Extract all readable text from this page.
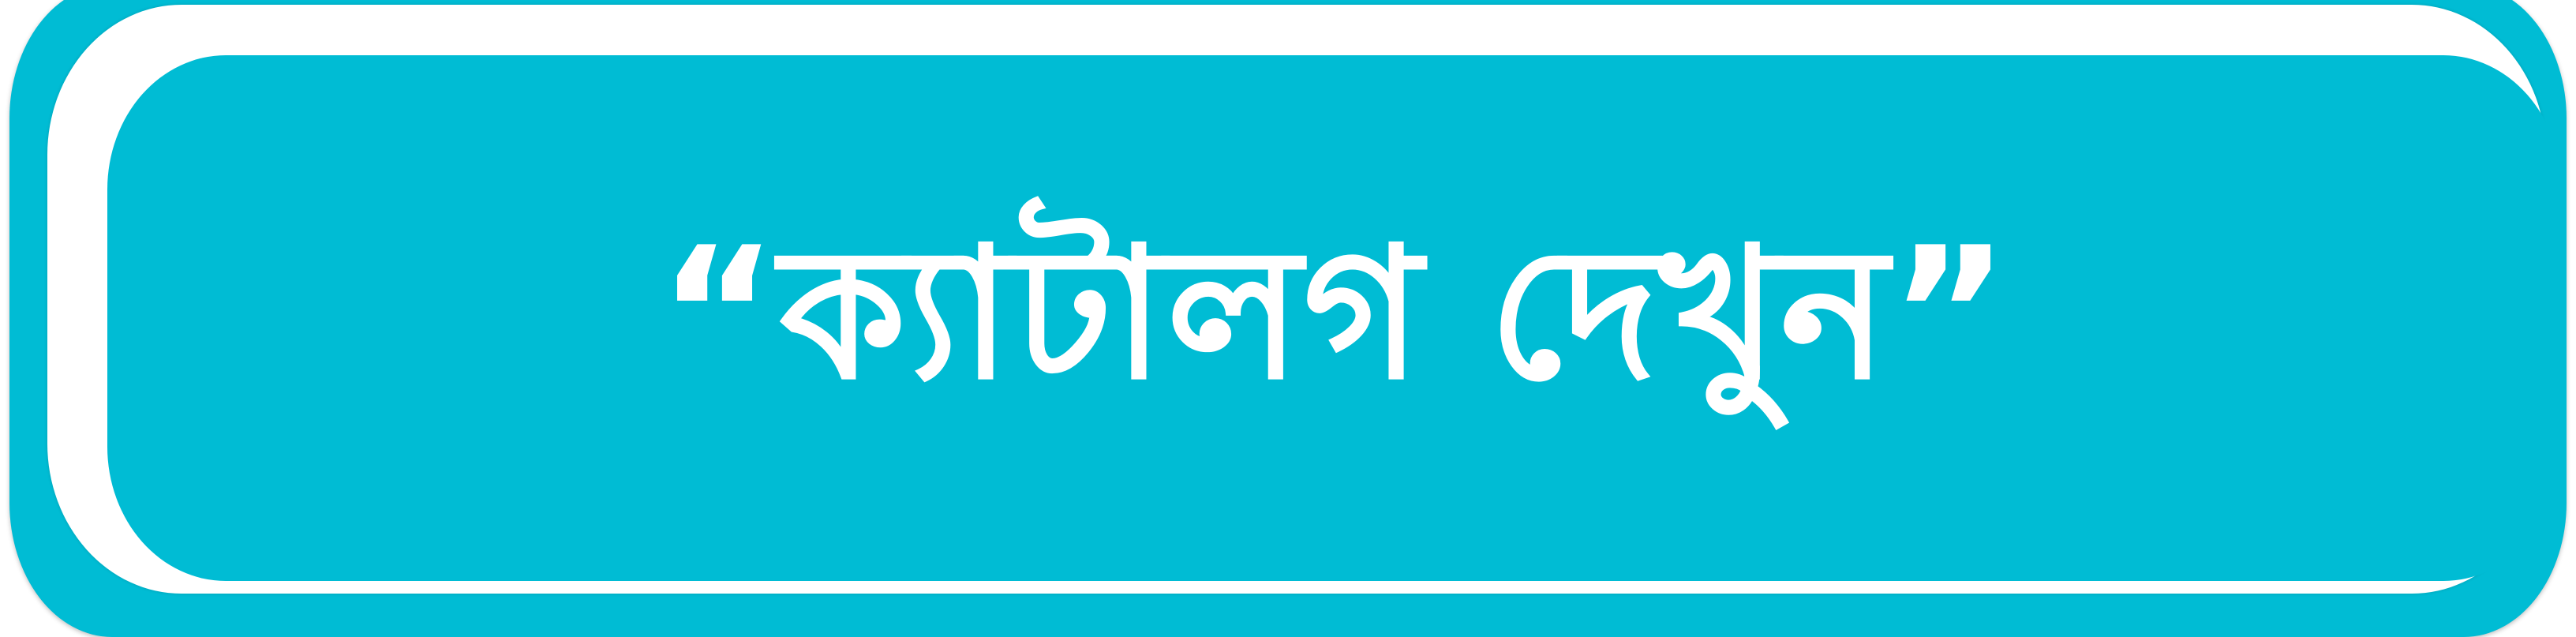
“ক্যাটালগ দেখুন”
